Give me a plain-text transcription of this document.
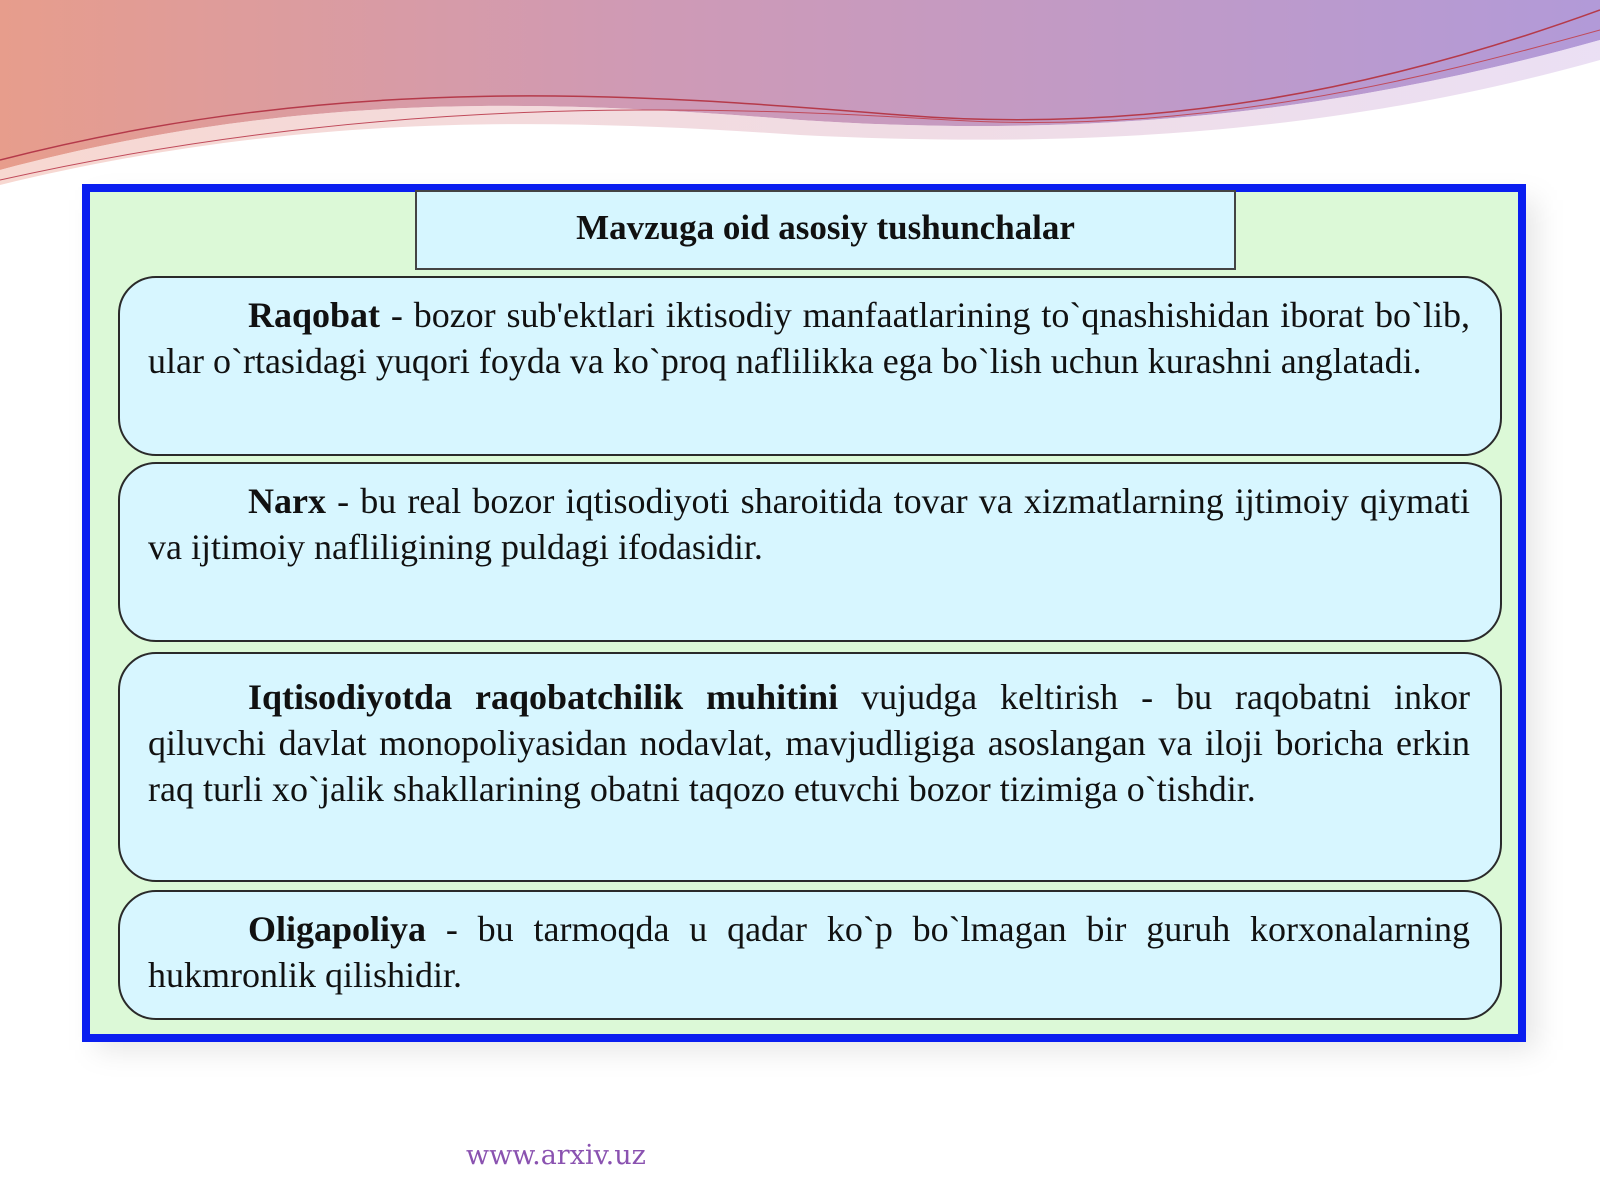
Mavzuga oid asosiy tushunchalar
Raqobat - bozor sub'ektlari iktisodiy manfaatlarining to`qnashishidan iborat bo`lib, ular o`rtasidagi yuqori foyda va ko`proq naflilikka ega bo`lish uchun kurashni anglatadi.
Narx - bu real bozor iqtisodiyoti sharoitida tovar va xizmatlarning ijtimoiy qiymati va ijtimoiy nafliligining puldagi ifodasidir.
Iqtisodiyotda raqobatchilik muhitini vujudga keltirish - bu raqobatni inkor qiluvchi davlat monopoliyasidan nodavlat, mavjudligiga asoslangan va iloji boricha erkin raq turli xo`jalik shakllarining obatni taqozo etuvchi bozor tizimiga o`tishdir.
Oligapoliya - bu tarmoqda u qadar ko`p bo`lmagan bir guruh korxonalarning hukmronlik qilishidir.
www.arxiv.uz
